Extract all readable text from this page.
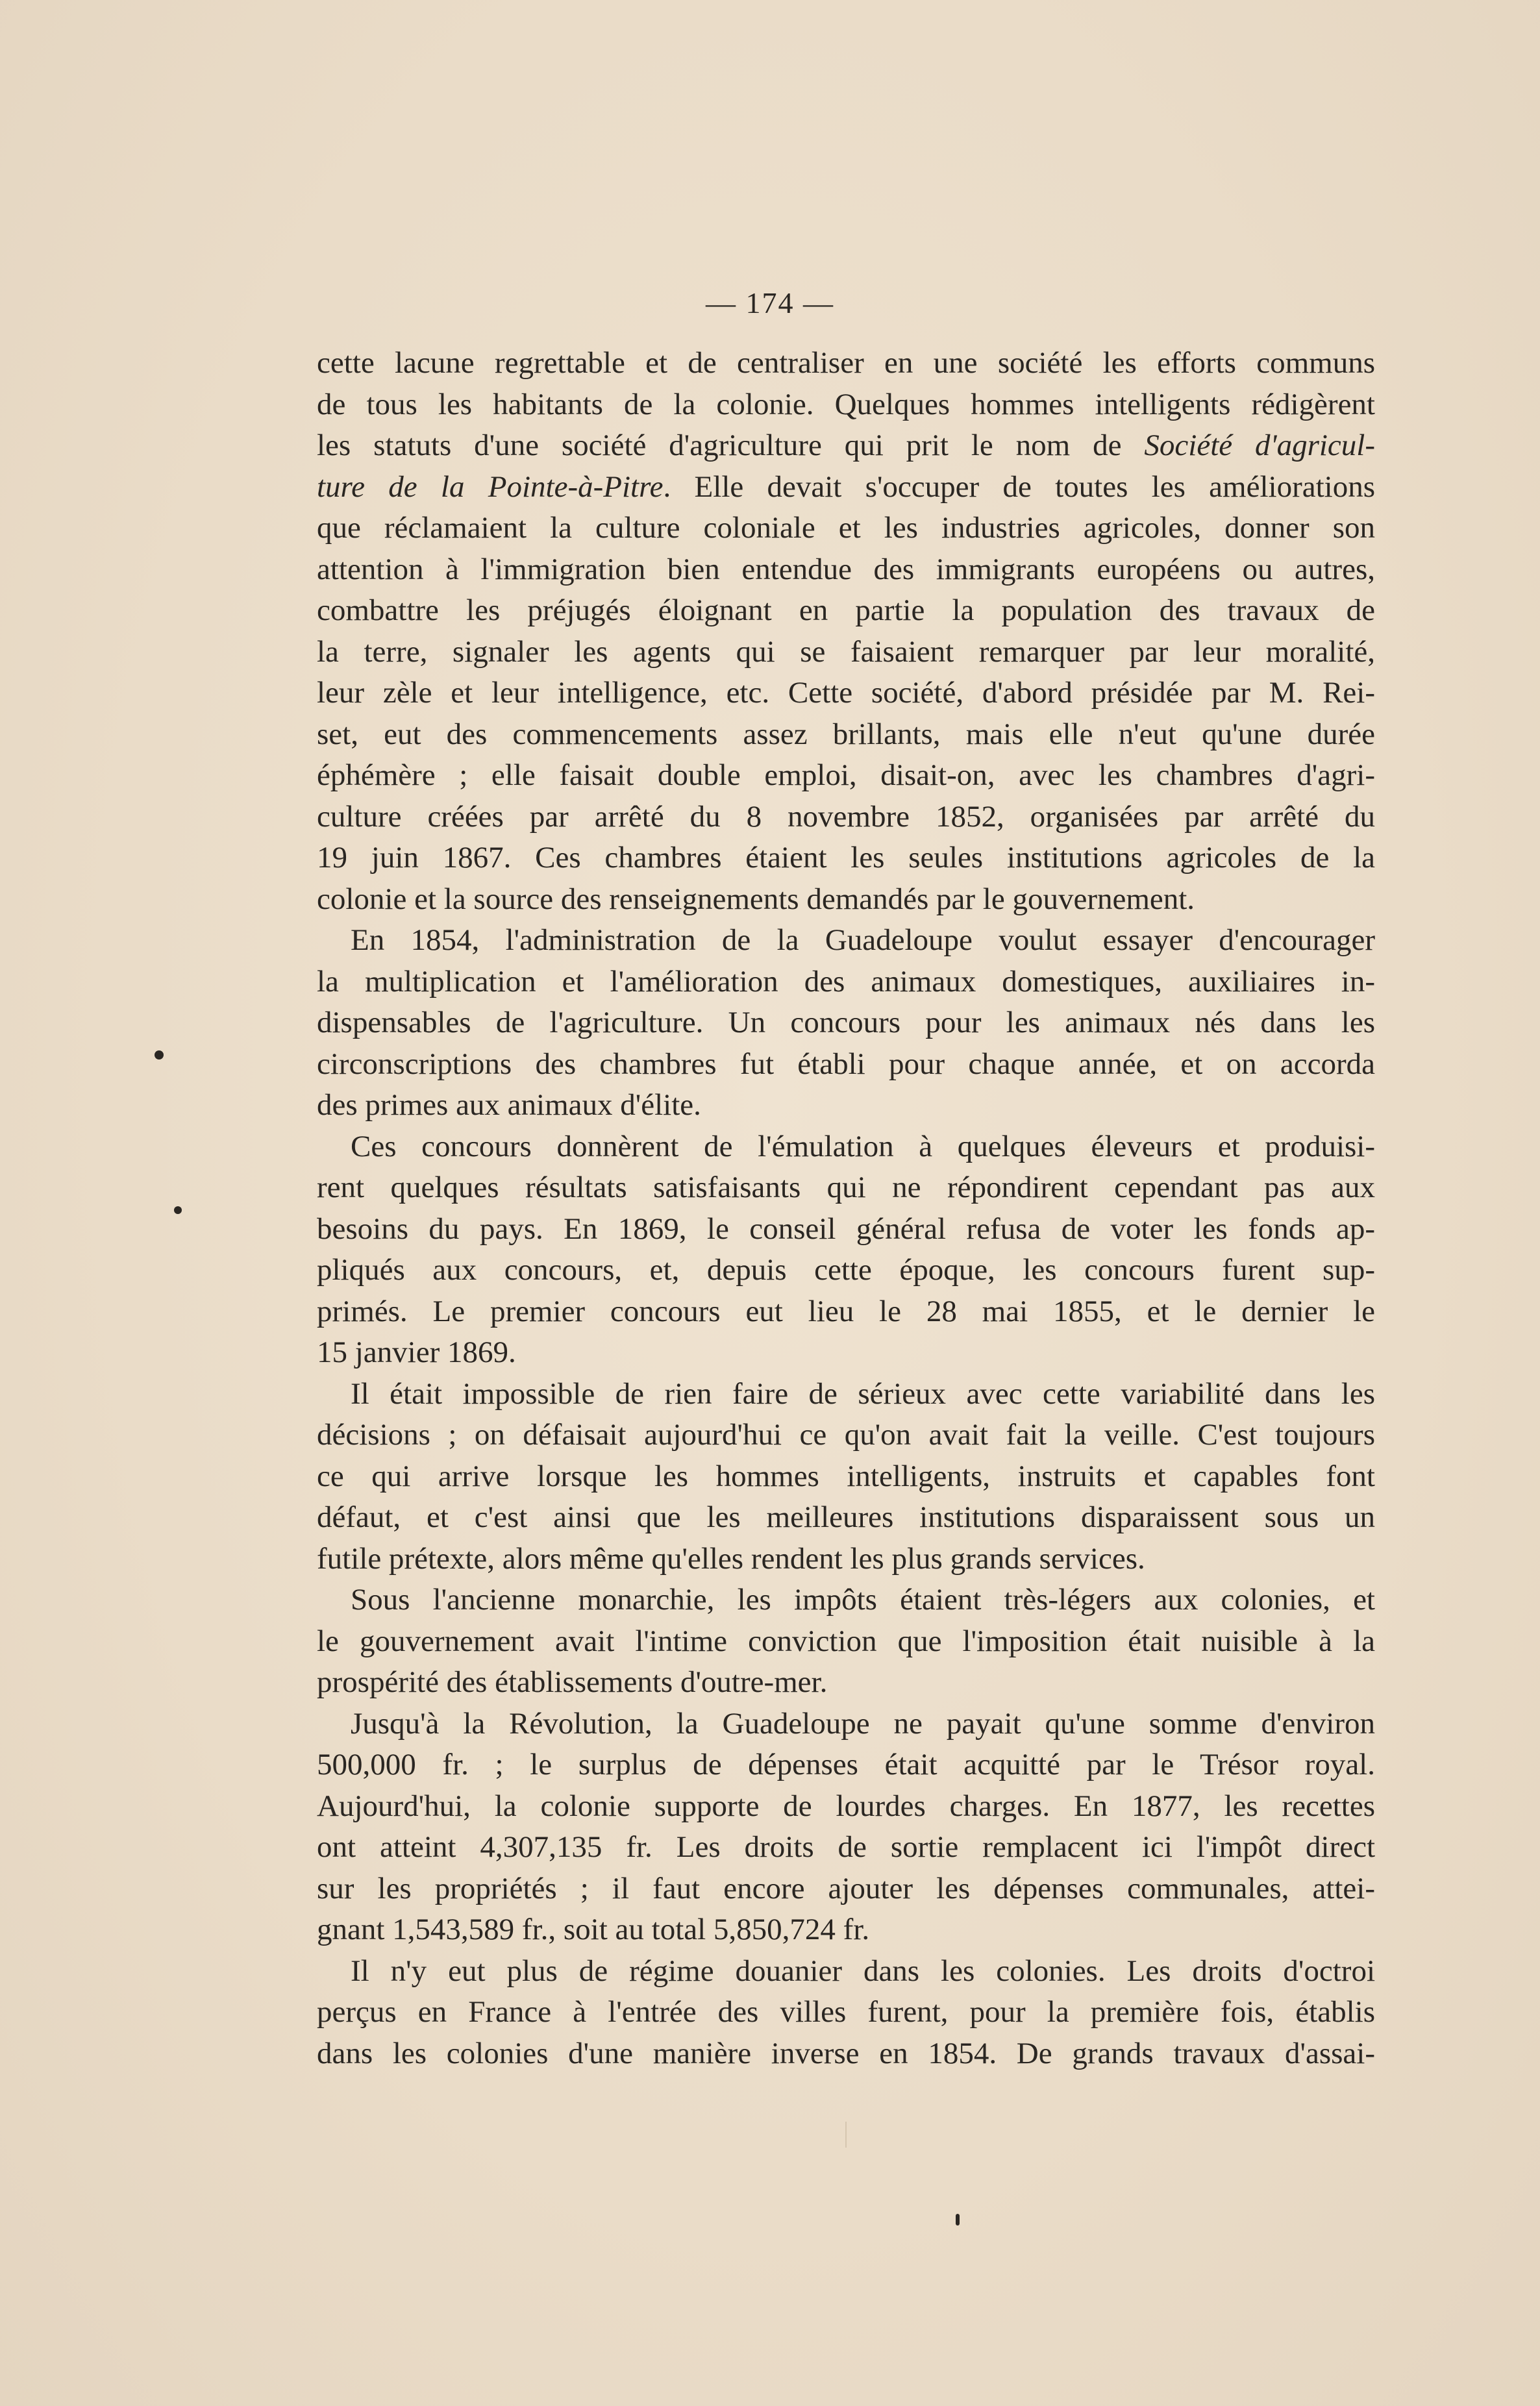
— 174 —
cette lacune regrettable et de centraliser en une société les efforts communs
de tous les habitants de la colonie. Quelques hommes intelligents rédigèrent
les statuts d'une société d'agriculture qui prit le nom de Société d'agricul-
ture de la Pointe-à-Pitre. Elle devait s'occuper de toutes les améliorations
que réclamaient la culture coloniale et les industries agricoles, donner son
attention à l'immigration bien entendue des immigrants européens ou autres,
combattre les préjugés éloignant en partie la population des travaux de
la terre, signaler les agents qui se faisaient remarquer par leur moralité,
leur zèle et leur intelligence, etc. Cette société, d'abord présidée par M. Rei-
set, eut des commencements assez brillants, mais elle n'eut qu'une durée
éphémère ; elle faisait double emploi, disait-on, avec les chambres d'agri-
culture créées par arrêté du 8 novembre 1852, organisées par arrêté du
19 juin 1867. Ces chambres étaient les seules institutions agricoles de la
colonie et la source des renseignements demandés par le gouvernement.
En 1854, l'administration de la Guadeloupe voulut essayer d'encourager
la multiplication et l'amélioration des animaux domestiques, auxiliaires in-
dispensables de l'agriculture. Un concours pour les animaux nés dans les
circonscriptions des chambres fut établi pour chaque année, et on accorda
des primes aux animaux d'élite.
Ces concours donnèrent de l'émulation à quelques éleveurs et produisi-
rent quelques résultats satisfaisants qui ne répondirent cependant pas aux
besoins du pays. En 1869, le conseil général refusa de voter les fonds ap-
pliqués aux concours, et, depuis cette époque, les concours furent sup-
primés. Le premier concours eut lieu le 28 mai 1855, et le dernier le
15 janvier 1869.
Il était impossible de rien faire de sérieux avec cette variabilité dans les
décisions ; on défaisait aujourd'hui ce qu'on avait fait la veille. C'est toujours
ce qui arrive lorsque les hommes intelligents, instruits et capables font
défaut, et c'est ainsi que les meilleures institutions disparaissent sous un
futile prétexte, alors même qu'elles rendent les plus grands services.
Sous l'ancienne monarchie, les impôts étaient très-légers aux colonies, et
le gouvernement avait l'intime conviction que l'imposition était nuisible à la
prospérité des établissements d'outre-mer.
Jusqu'à la Révolution, la Guadeloupe ne payait qu'une somme d'environ
500,000 fr. ; le surplus de dépenses était acquitté par le Trésor royal.
Aujourd'hui, la colonie supporte de lourdes charges. En 1877, les recettes
ont atteint 4,307,135 fr. Les droits de sortie remplacent ici l'impôt direct
sur les propriétés ; il faut encore ajouter les dépenses communales, attei-
gnant 1,543,589 fr., soit au total 5,850,724 fr.
Il n'y eut plus de régime douanier dans les colonies. Les droits d'octroi
perçus en France à l'entrée des villes furent, pour la première fois, établis
dans les colonies d'une manière inverse en 1854. De grands travaux d'assai-
